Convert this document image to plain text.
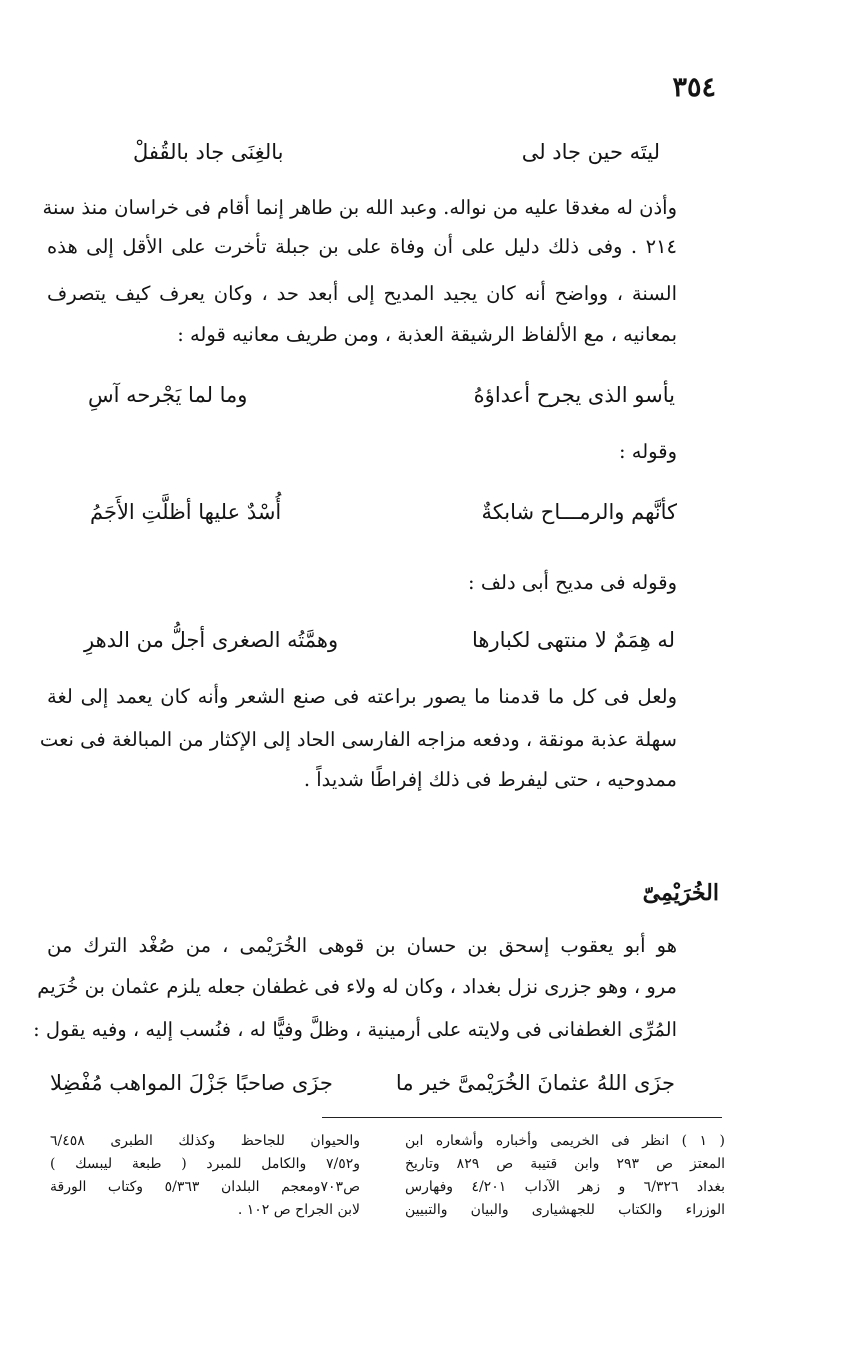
٣٥٤
ليتَه حين جاد لى
بالغِنَى جاد بالقُفلْ
وأذن له مغدقا عليه من نواله. وعبد الله بن طاهر إنما أقام فى خراسان منذ سنة
٢١٤ . وفى ذلك دليل على أن وفاة على بن جبلة تأخرت على الأقل إلى هذه
السنة ، وواضح أنه كان يجيد المديح إلى أبعد حد ، وكان يعرف كيف يتصرف
بمعانيه ، مع الألفاظ الرشيقة العذبة ، ومن طريف معانيه قوله :
يأسو الذى يجرح أعداؤهُ
وما لما يَجْرحه آسِ
وقوله :
كأنَّهم والرمـــاح شابكةٌ
أُسْدٌ عليها أظلَّتِ الأَجَمُ
وقوله فى مديح أبى دلف :
له هِمَمٌ لا منتهى لكبارها
وهمَّتُه الصغرى أجلُّ من الدهرِ
ولعل فى كل ما قدمنا ما يصور براعته فى صنع الشعر وأنه كان يعمد إلى لغة
سهلة عذبة مونقة ، ودفعه مزاجه الفارسى الحاد إلى الإكثار من المبالغة فى نعت
ممدوحيه ، حتى ليفرط فى ذلك إفراطًا شديداً .
الخُرَيْمِىّ
هو أبو يعقوب إسحق بن حسان بن قوهى الخُرَيْمى ، من صُغْد الترك من
مرو ، وهو جزرى نزل بغداد ، وكان له ولاء فى غطفان جعله يلزم عثمان بن خُرَيم
المُرِّى الغطفانى فى ولايته على أرمينية ، وظلَّ وفيًّا له ، فنُسب إليه ، وفيه يقول :
جزَى اللهُ عثمانَ الخُرَيْمىَّ خير ما
جزَى صاحبًا جَزْلَ المواهب مُفْضِلا
( ١ ) انظر فى الخريمى وأخباره وأشعاره ابن
المعتز ص ٢٩٣ وابن قتيبة ص ٨٢٩ وتاريخ
بغداد ٦/٣٢٦ و زهر الآداب ٤/٢٠١ وفهارس
الوزراء والكتاب للجهشيارى والبيان والتبيين
والحيوان للجاحظ وكذلك الطبرى ٦/٤٥٨
و٧/٥٢ والكامل للمبرد ( طبعة ليبسك )
ص٧٠٣ومعجم البلدان ٥/٣٦٣ وكتاب الورقة
لابن الجراح ص ١٠٢ .
